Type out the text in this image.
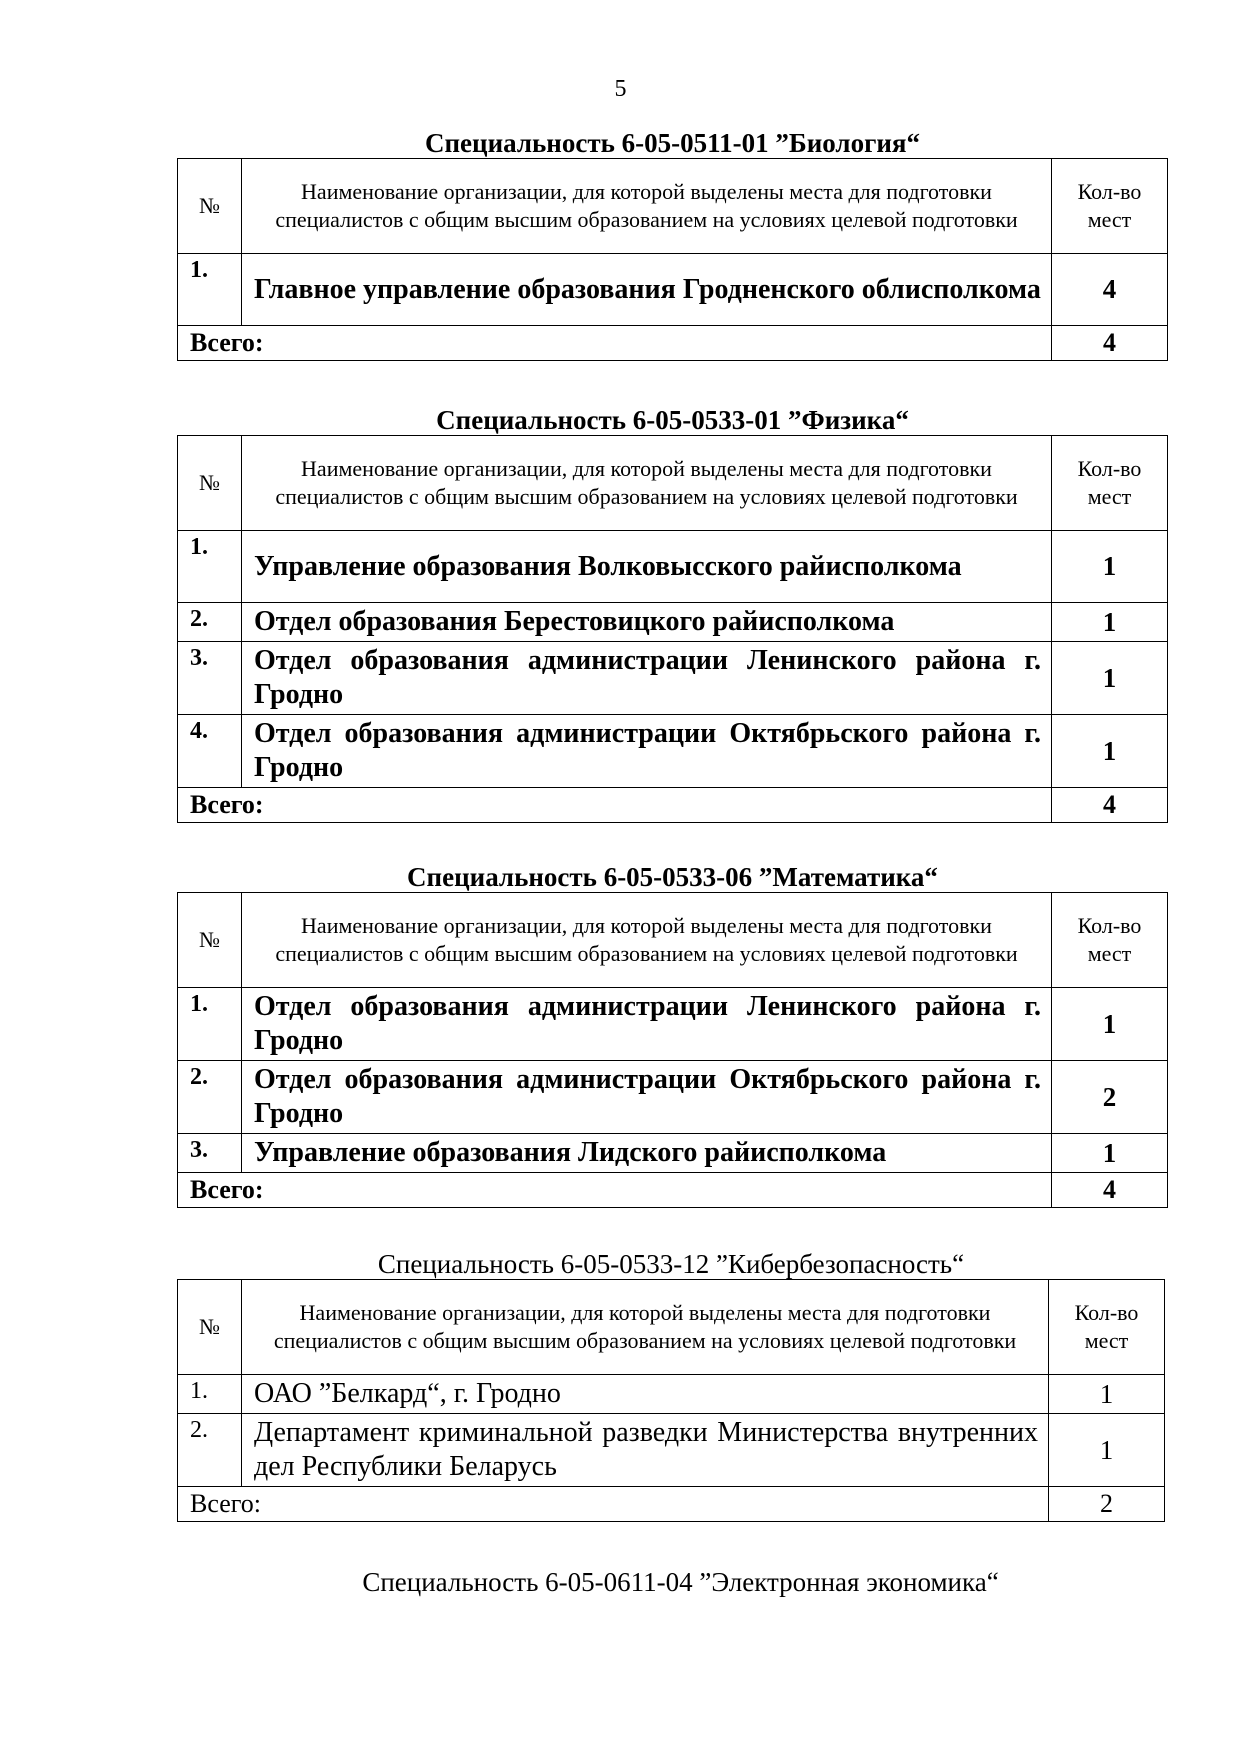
5
Специальность 6-05-0511-01 ”Биология“
№	Наименование организации, для которой выделены места для подготовки специалистов с общим высшим образованием на условиях целевой подготовки	Кол-во
мест
1.	Главное управление образования Гродненского облисполкома	4
Всего:		4
Специальность 6-05-0533-01 ”Физика“
№	Наименование организации, для которой выделены места для подготовки специалистов с общим высшим образованием на условиях целевой подготовки	Кол-во
мест
1.	Управление образования Волковысского райисполкома	1
2.	Отдел образования Берестовицкого райисполкома	1
3.	Отдел образования администрации Ленинского района г. Гродно	1
4.	Отдел образования администрации Октябрьского района г. Гродно	1
Всего:		4
Специальность 6-05-0533-06 ”Математика“
№	Наименование организации, для которой выделены места для подготовки специалистов с общим высшим образованием на условиях целевой подготовки	Кол-во
мест
1.	Отдел образования администрации Ленинского района г. Гродно	1
2.	Отдел образования администрации Октябрьского района г. Гродно	2
3.	Управление образования Лидского райисполкома	1
Всего:		4
Специальность 6-05-0533-12 ”Кибербезопасность“
№	Наименование организации, для которой выделены места для подготовки специалистов с общим высшим образованием на условиях целевой подготовки	Кол-во
мест
1.	ОАО ”Белкард“, г. Гродно	1
2.	Департамент криминальной разведки Министерства внутренних дел Республики Беларусь	1
Всего:		2
Специальность 6-05-0611-04 ”Электронная экономика“
